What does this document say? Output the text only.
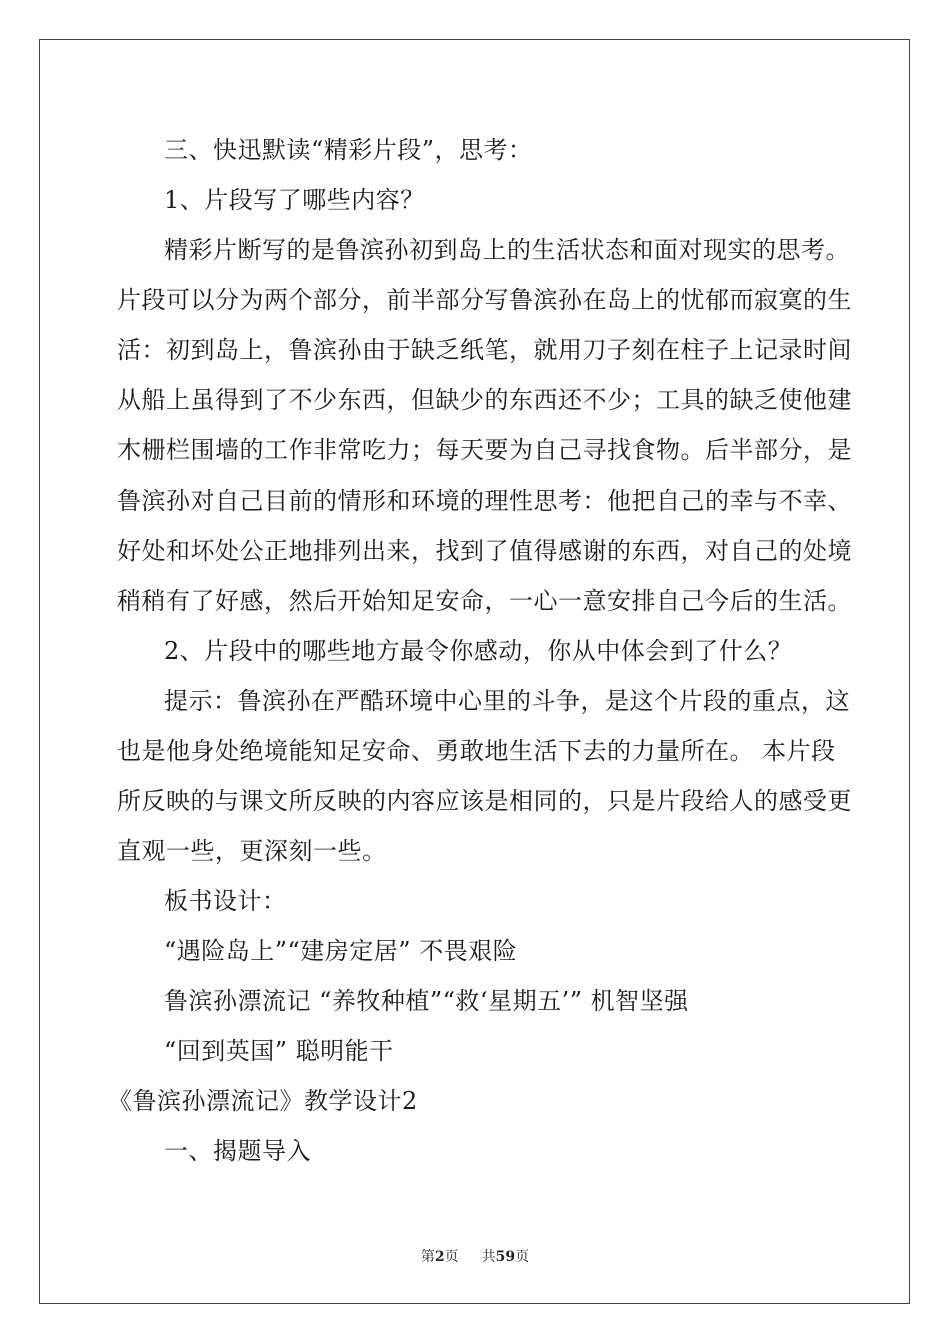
三、快迅默读“精彩片段”，思考：
1、片段写了哪些内容？
精彩片断写的是鲁滨孙初到岛上的生活状态和面对现实的思考。
片段可以分为两个部分，前半部分写鲁滨孙在岛上的忧郁而寂寞的生
活：初到岛上，鲁滨孙由于缺乏纸笔，就用刀子刻在柱子上记录时间
从船上虽得到了不少东西，但缺少的东西还不少；工具的缺乏使他建
木栅栏围墙的工作非常吃力；每天要为自己寻找食物。后半部分，是
鲁滨孙对自己目前的情形和环境的理性思考：他把自己的幸与不幸、
好处和坏处公正地排列出来，找到了值得感谢的东西，对自己的处境
稍稍有了好感，然后开始知足安命，一心一意安排自己今后的生活。
2、片段中的哪些地方最令你感动，你从中体会到了什么？
提示：鲁滨孙在严酷环境中心里的斗争，是这个片段的重点，这
也是他身处绝境能知足安命、勇敢地生活下去的力量所在。 本片段
所反映的与课文所反映的内容应该是相同的，只是片段给人的感受更
直观一些，更深刻一些。
板书设计：
“遇险岛上”“建房定居” 不畏艰险
鲁滨孙漂流记 “养牧种植”“救‘星期五’” 机智坚强
“回到英国” 聪明能干
《鲁滨孙漂流记》教学设计2
一、揭题导入
第2页 共59页
